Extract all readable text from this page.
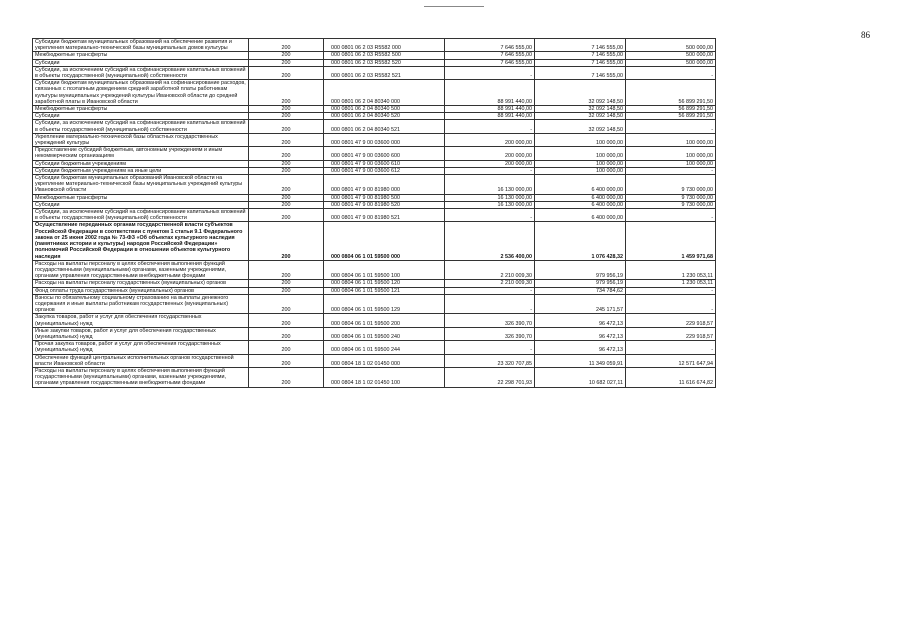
86
Субсидии бюджетам муниципальных образований на обеспечение развития и укрепления материально-технической базы муниципальных домов культуры	200	000 0801 06 2 03 R5582 000	7 646 555,00	7 146 555,00	500 000,00
Межбюджетные трансферты	200	000 0801 06 2 03 R5582 500	7 646 555,00	7 146 555,00	500 000,00
Субсидии	200	000 0801 06 2 03 R5582 520	7 646 555,00	7 146 555,00	500 000,00
Субсидии, за исключением субсидий на софинансирование капитальных вложений в объекты государственной (муниципальной) собственности	200	000 0801 06 2 03 R5582 521	-	7 146 555,00	-
Субсидии бюджетам муниципальных образований на софинансирование расходов, связанных с поэтапным доведением средней заработной платы работникам культуры муниципальных учреждений культуры Ивановской области до средней заработной платы в Ивановской области	200	000 0801 06 2 04 80340 000	88 991 440,00	32 092 148,50	56 899 291,50
Межбюджетные трансферты	200	000 0801 06 2 04 80340 500	88 991 440,00	32 092 148,50	56 899 291,50
Субсидии	200	000 0801 06 2 04 80340 520	88 991 440,00	32 092 148,50	56 899 291,50
Субсидии, за исключением субсидий на софинансирование капитальных вложений в объекты государственной (муниципальной) собственности	200	000 0801 06 2 04 80340 521	-	32 092 148,50	-
Укрепление материально-технической базы областных государственных учреждений культуры	200	000 0801 47 9 00 03600 000	200 000,00	100 000,00	100 000,00
Предоставление субсидий бюджетным, автономным учреждениям и иным некоммерческим организациям	200	000 0801 47 9 00 03600 600	200 000,00	100 000,00	100 000,00
Субсидии бюджетным учреждениям	200	000 0801 47 9 00 03600 610	200 000,00	100 000,00	100 000,00
Субсидии бюджетным учреждениям на иные цели	200	000 0801 47 9 00 03600 612	-	100 000,00	-
Субсидии бюджетам муниципальных образований Ивановской области на укрепление материально-технической базы муниципальных учреждений культуры Ивановской области	200	000 0801 47 9 00 81980 000	16 130 000,00	6 400 000,00	9 730 000,00
Межбюджетные трансферты	200	000 0801 47 9 00 81980 500	16 130 000,00	6 400 000,00	9 730 000,00
Субсидии	200	000 0801 47 9 00 81980 520	16 130 000,00	6 400 000,00	9 730 000,00
Субсидии, за исключением субсидий на софинансирование капитальных вложений в объекты государственной (муниципальной) собственности	200	000 0801 47 9 00 81980 521	-	6 400 000,00	-
Осуществление переданных органам государственной власти субъектов Российской Федерации в соответствии с пунктом 1 статьи 9.1 Федерального закона от 25 июня 2002 года № 73-ФЗ «Об объектах культурного наследия (памятниках истории и культуры) народов Российской Федерации» полномочий Российской Федерации в отношении объектов культурного наследия	200	000 0804 06 1 01 59500 000	2 536 400,00	1 076 428,32	1 459 971,68
Расходы на выплаты персоналу в целях обеспечения выполнения функций государственными (муниципальными) органами, казенными учреждениями, органами управления государственными внебюджетными фондами	200	000 0804 06 1 01 59500 100	2 210 009,30	979 956,19	1 230 053,11
Расходы на выплаты персоналу государственных (муниципальных) органов	200	000 0804 06 1 01 59500 120	2 210 009,30	979 956,19	1 230 053,11
Фонд оплаты труда государственных (муниципальных) органов	200	000 0804 06 1 01 59500 121	-	734 784,62	-
Взносы по обязательному социальному страхованию на выплаты денежного содержания и иные выплаты работникам государственных (муниципальных) органов	200	000 0804 06 1 01 59500 129	-	245 171,57	-
Закупка товаров, работ и услуг для обеспечения государственных (муниципальных) нужд	200	000 0804 06 1 01 59500 200	326 390,70	96 472,13	229 918,57
Иные закупки товаров, работ и услуг для обеспечения государственных (муниципальных) нужд	200	000 0804 06 1 01 59500 240	326 390,70	96 472,13	229 918,57
Прочая закупка товаров, работ и услуг для обеспечения государственных (муниципальных) нужд	200	000 0804 06 1 01 59500 244	-	96 472,13	-
Обеспечение функций центральных исполнительных органов государственной власти Ивановской области	200	000 0804 18 1 02 01450 000	23 320 707,85	11 349 059,91	12 571 647,94
Расходы на выплаты персоналу в целях обеспечения выполнения функций государственными (муниципальными) органами, казенными учреждениями, органами управления государственными внебюджетными фондами	200	000 0804 18 1 02 01450 100	22 298 701,93	10 682 027,11	11 616 674,82
